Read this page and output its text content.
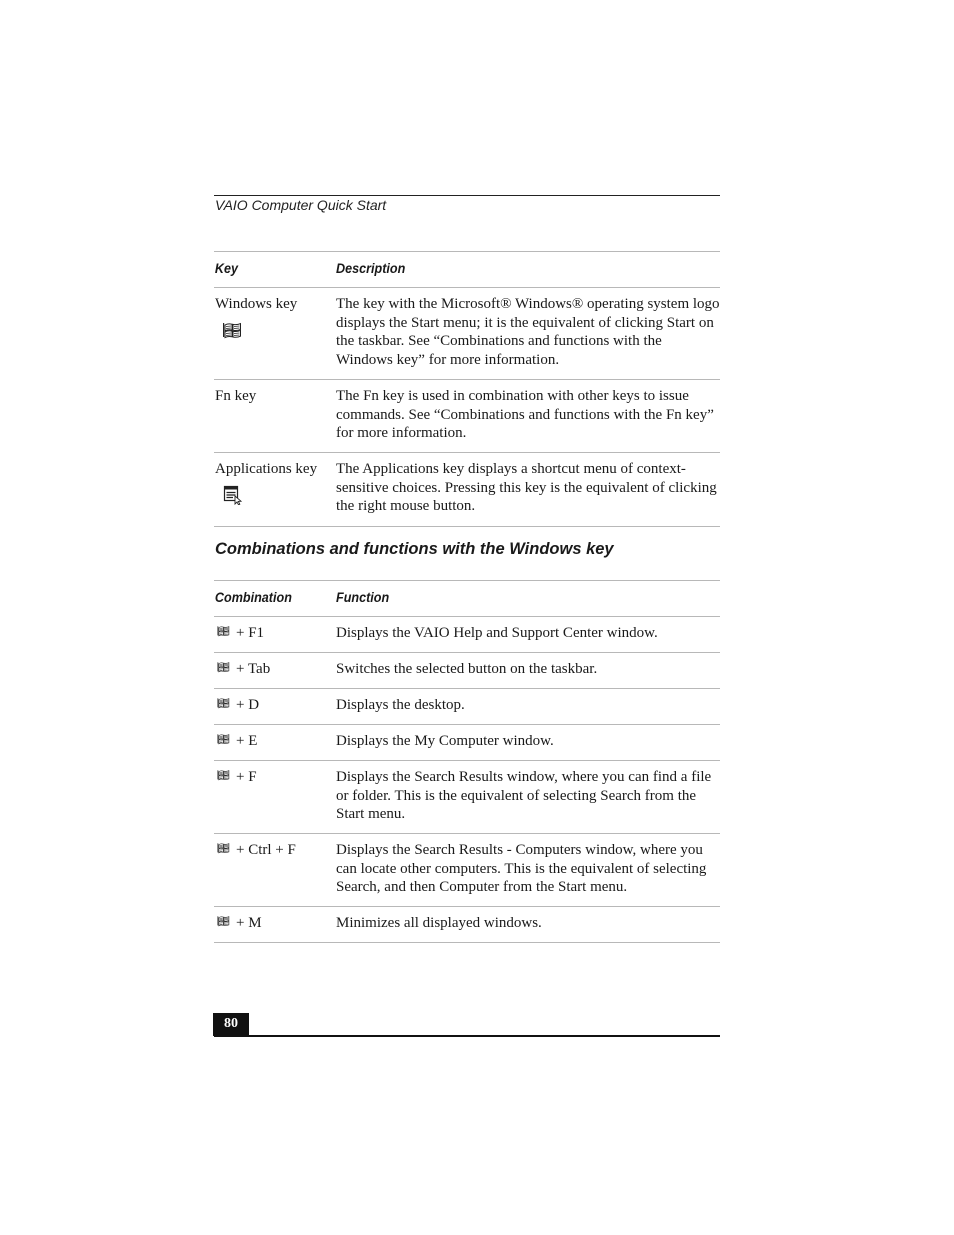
VAIO Computer Quick Start
Key	Description
Windows key	The key with the Microsoft® Windows® operating system logo displays the Start menu; it is the equivalent of clicking Start on the taskbar. See “Combinations and functions with the Windows key” for more information.
Fn key	The Fn key is used in combination with other keys to issue commands. See “Combinations and functions with the Fn key” for more information.
Applications key	The Applications key displays a shortcut menu of context-sensitive choices. Pressing this key is the equivalent of clicking the right mouse button.
Combinations and functions with the Windows key
Combination	Function
+ F1	Displays the VAIO Help and Support Center window.
+ Tab	Switches the selected button on the taskbar.
+ D	Displays the desktop.
+ E	Displays the My Computer window.
+ F	Displays the Search Results window, where you can find a file or folder. This is the equivalent of selecting Search from the Start menu.
+ Ctrl + F	Displays the Search Results - Computers window, where you can locate other computers. This is the equivalent of selecting Search, and then Computer from the Start menu.
+ M	Minimizes all displayed windows.
80
